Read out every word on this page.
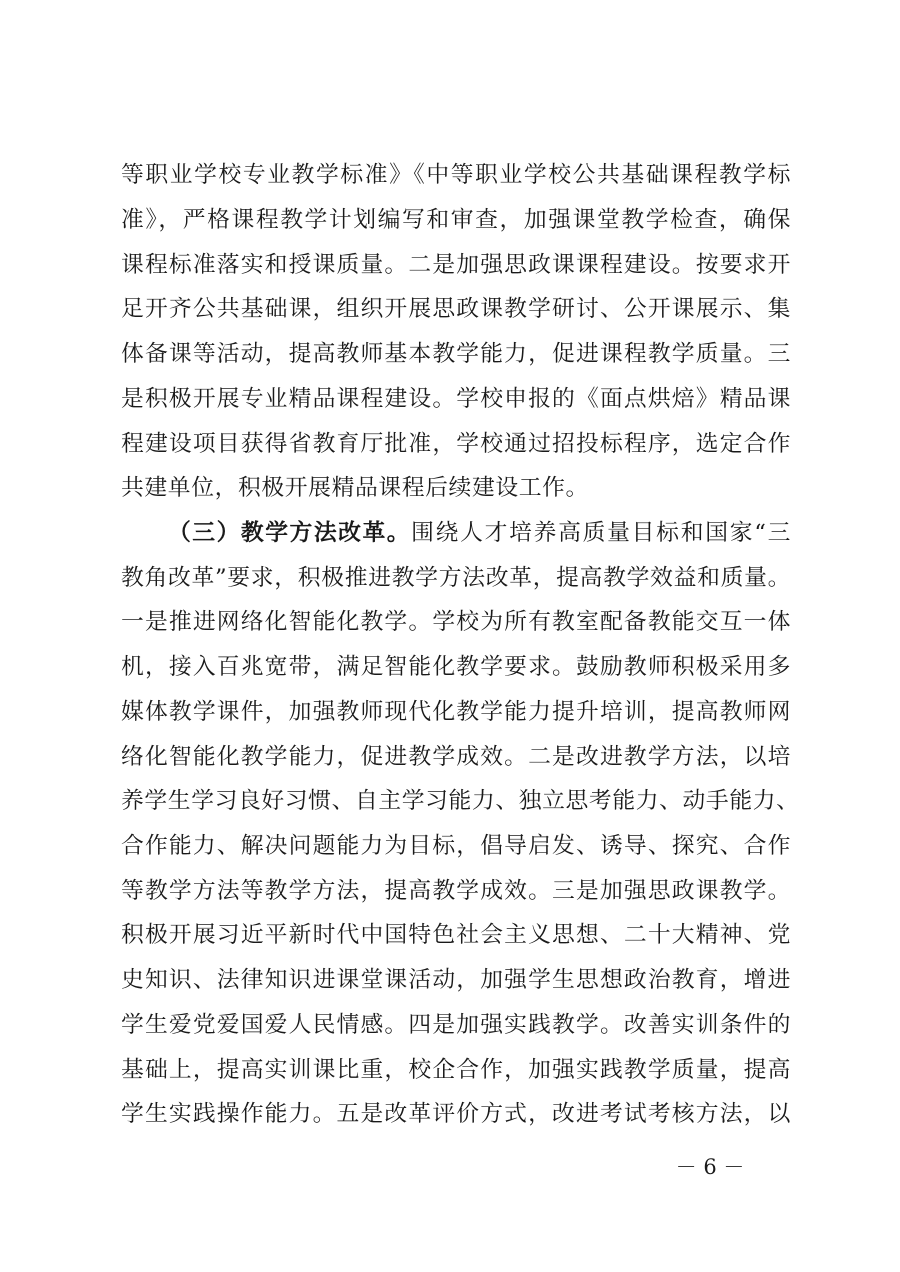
等职业学校专业教学标准》《中等职业学校公共基础课程教学标
准》，严格课程教学计划编写和审查，加强课堂教学检查，确保
课程标准落实和授课质量。二是加强思政课课程建设。按要求开
足开齐公共基础课，组织开展思政课教学研讨、公开课展示、集
体备课等活动，提高教师基本教学能力，促进课程教学质量。三
是积极开展专业精品课程建设。学校申报的《面点烘焙》精品课
程建设项目获得省教育厅批准，学校通过招投标程序，选定合作
共建单位，积极开展精品课程后续建设工作。
（三）教学方法改革。围绕人才培养高质量目标和国家“三
教角改革”要求，积极推进教学方法改革，提高教学效益和质量。
一是推进网络化智能化教学。学校为所有教室配备教能交互一体
机，接入百兆宽带，满足智能化教学要求。鼓励教师积极采用多
媒体教学课件，加强教师现代化教学能力提升培训，提高教师网
络化智能化教学能力，促进教学成效。二是改进教学方法，以培
养学生学习良好习惯、自主学习能力、独立思考能力、动手能力、
合作能力、解决问题能力为目标，倡导启发、诱导、探究、合作
等教学方法等教学方法，提高教学成效。三是加强思政课教学。
积极开展习近平新时代中国特色社会主义思想、二十大精神、党
史知识、法律知识进课堂课活动，加强学生思想政治教育，增进
学生爱党爱国爱人民情感。四是加强实践教学。改善实训条件的
基础上，提高实训课比重，校企合作，加强实践教学质量，提高
学生实践操作能力。五是改革评价方式，改进考试考核方法，以
－ 6 －
